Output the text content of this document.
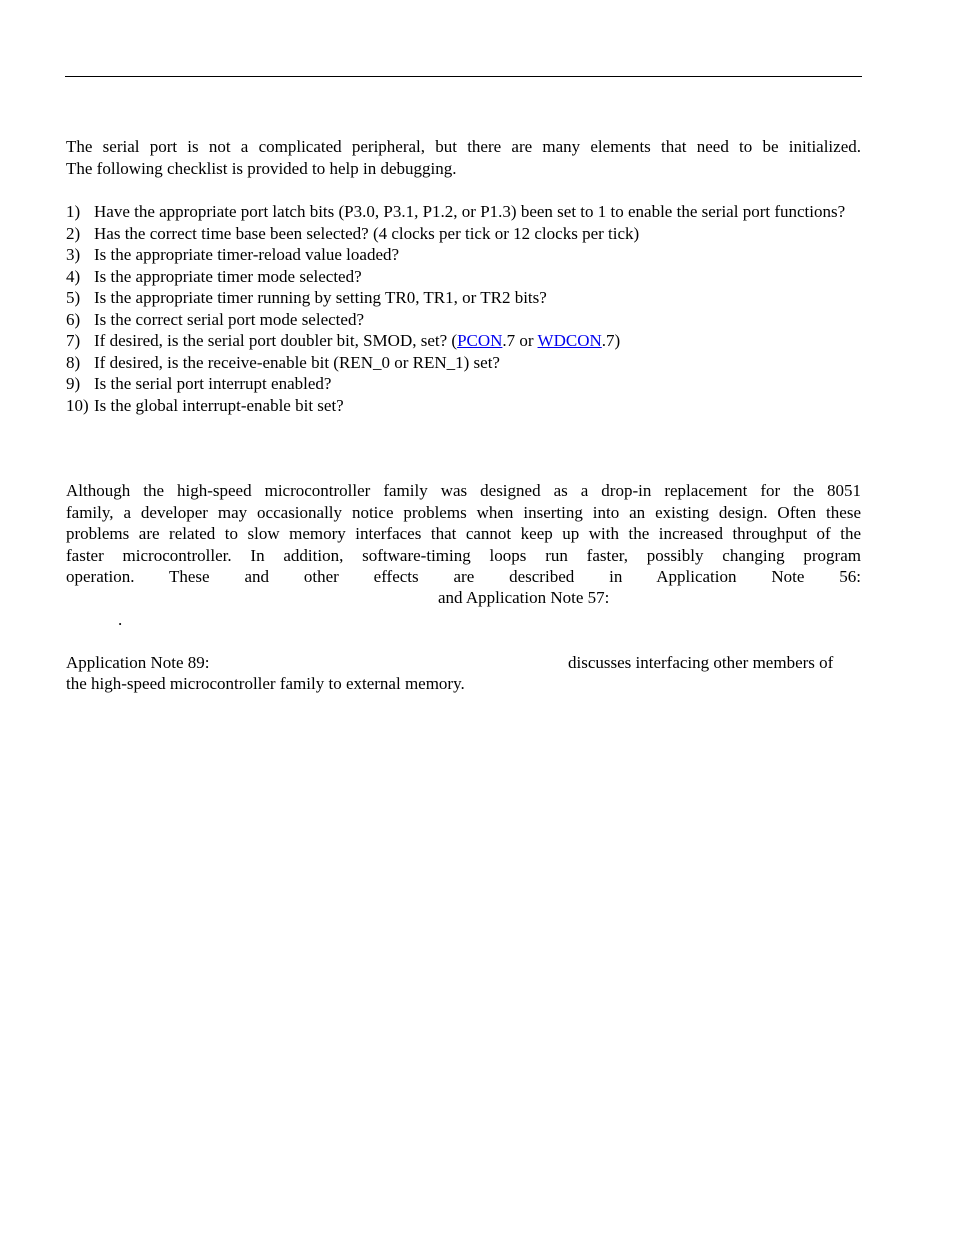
The serial port is not a complicated peripheral, but there are many elements that need to be initialized.
The following checklist is provided to help in debugging.

1) Have the appropriate port latch bits (P3.0, P3.1, P1.2, or P1.3) been set to 1 to enable the serial port functions?
2) Has the correct time base been selected? (4 clocks per tick or 12 clocks per tick)
3) Is the appropriate timer-reload value loaded?
4) Is the appropriate timer mode selected?
5) Is the appropriate timer running by setting TR0, TR1, or TR2 bits?
6) Is the correct serial port mode selected?
7) If desired, is the serial port doubler bit, SMOD, set? (PCON.7 or WDCON.7)
8) If desired, is the receive-enable bit (REN_0 or REN_1) set?
9) Is the serial port interrupt enabled?
10) Is the global interrupt-enable bit set?

Although the high-speed microcontroller family was designed as a drop-in replacement for the 8051
family, a developer may occasionally notice problems when inserting into an existing design. Often these
problems are related to slow memory interfaces that cannot keep up with the increased throughput of the
faster microcontroller. In addition, software-timing loops run faster, possibly changing program
operation. These and other effects are described in Application Note 56:

and Application Note 57:
.
Application Note 89:	discusses interfacing other members of
the high-speed microcontroller family to external memory.
